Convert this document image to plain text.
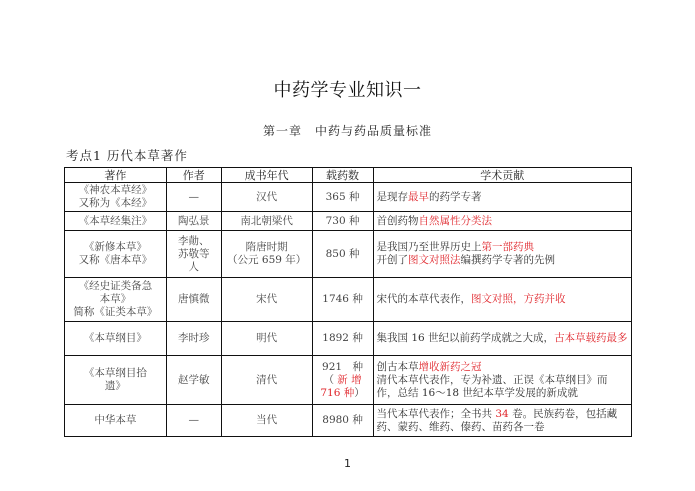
中药学专业知识一
第一章　中药与药品质量标准
考点1 历代本草著作
著作	作者	成书年代	载药数	学术贡献

《神农本草经》
又称为《本经》	—	汉代	365 种	是现存最早的药学专著

《本草经集注》	陶弘景	南北朝梁代	730 种	首创药物自然属性分类法

《新修本草》
又称《唐本草》	李勣、
苏敬等
人	隋唐时期
（公元 659 年）	850 种	是我国乃至世界历史上第一部药典
开创了图文对照法编撰药学专著的先例

《经史证类备急
本草》
简称《证类本草》	唐慎微	宋代	1746 种	宋代的本草代表作，图文对照，方药并收

《本草纲目》	李时珍	明代	1892 种	集我国 16 世纪以前药学成就之大成，古本草载药最多

《本草纲目拾
遗》	赵学敏	清代	921　种
（ 新 增
716 种）	创古本草增收新药之冠
清代本草代表作，专为补遗、正误《本草纲目》而作，总结 16～18 世纪本草学发展的新成就

中华本草	—	当代	8980 种	当代本草代表作；全书共 34 卷。民族药卷，包括藏药、蒙药、维药、傣药、苗药各一卷
1
